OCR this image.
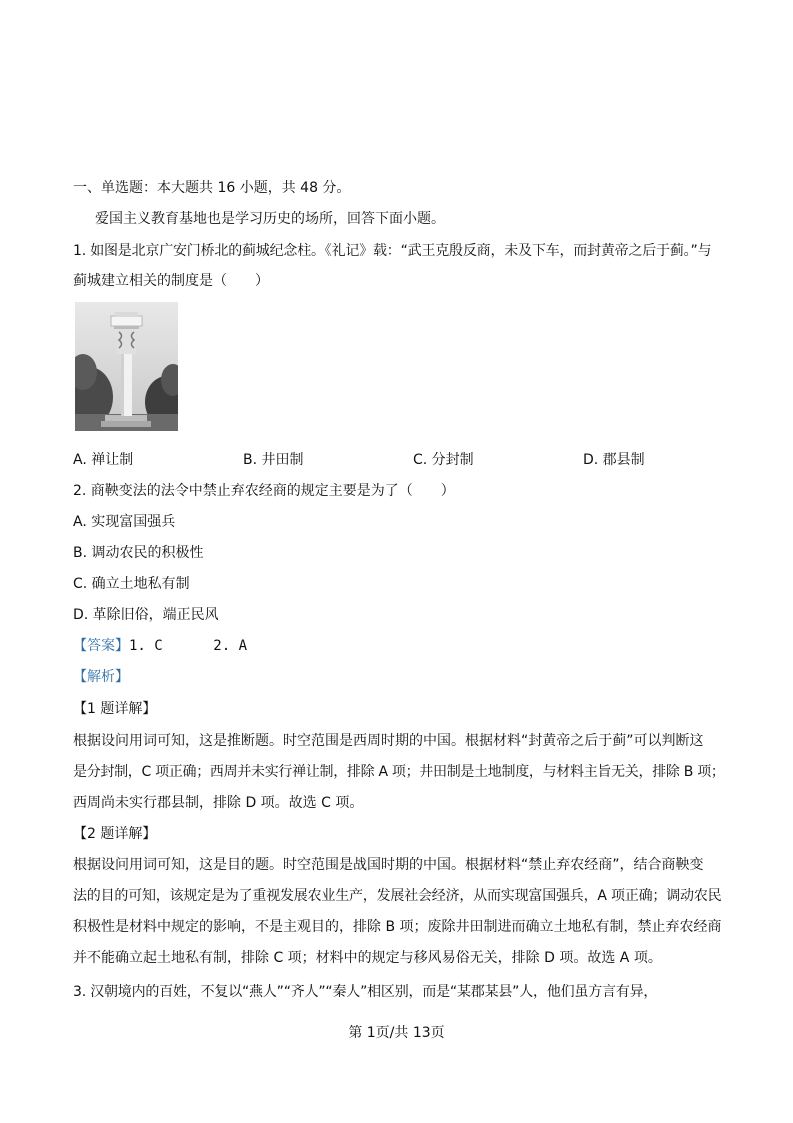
一、单选题：本大题共 16 小题，共 48 分。
爱国主义教育基地也是学习历史的场所，回答下面小题。
1. 如图是北京广安门桥北的蓟城纪念柱。《礼记》载：“武王克殷反商，未及下车，而封黄帝之后于蓟。”与
蓟城建立相关的制度是（　　）
A. 禅让制	B. 井田制	C. 分封制	D. 郡县制
2. 商鞅变法的法令中禁止弃农经商的规定主要是为了（　　）
A. 实现富国强兵
B. 调动农民的积极性
C. 确立土地私有制
D. 革除旧俗，端正民风
【答案】1. C      2. A
【解析】
【1 题详解】
根据设问用词可知，这是推断题。时空范围是西周时期的中国。根据材料“封黄帝之后于蓟”可以判断这
是分封制，C 项正确；西周并未实行禅让制，排除 A 项；井田制是土地制度，与材料主旨无关，排除 B 项；
西周尚未实行郡县制，排除 D 项。故选 C 项。
【2 题详解】
根据设问用词可知，这是目的题。时空范围是战国时期的中国。根据材料“禁止弃农经商”，结合商鞅变
法的目的可知，该规定是为了重视发展农业生产，发展社会经济，从而实现富国强兵，A 项正确；调动农民
积极性是材料中规定的影响，不是主观目的，排除 B 项；废除井田制进而确立土地私有制，禁止弃农经商
并不能确立起土地私有制，排除 C 项；材料中的规定与移风易俗无关，排除 D 项。故选 A 项。
3. 汉朝境内的百姓，不复以“燕人”“齐人”“秦人”相区别，而是“某郡某县”人，他们虽方言有异，
第 1页/共 13页
